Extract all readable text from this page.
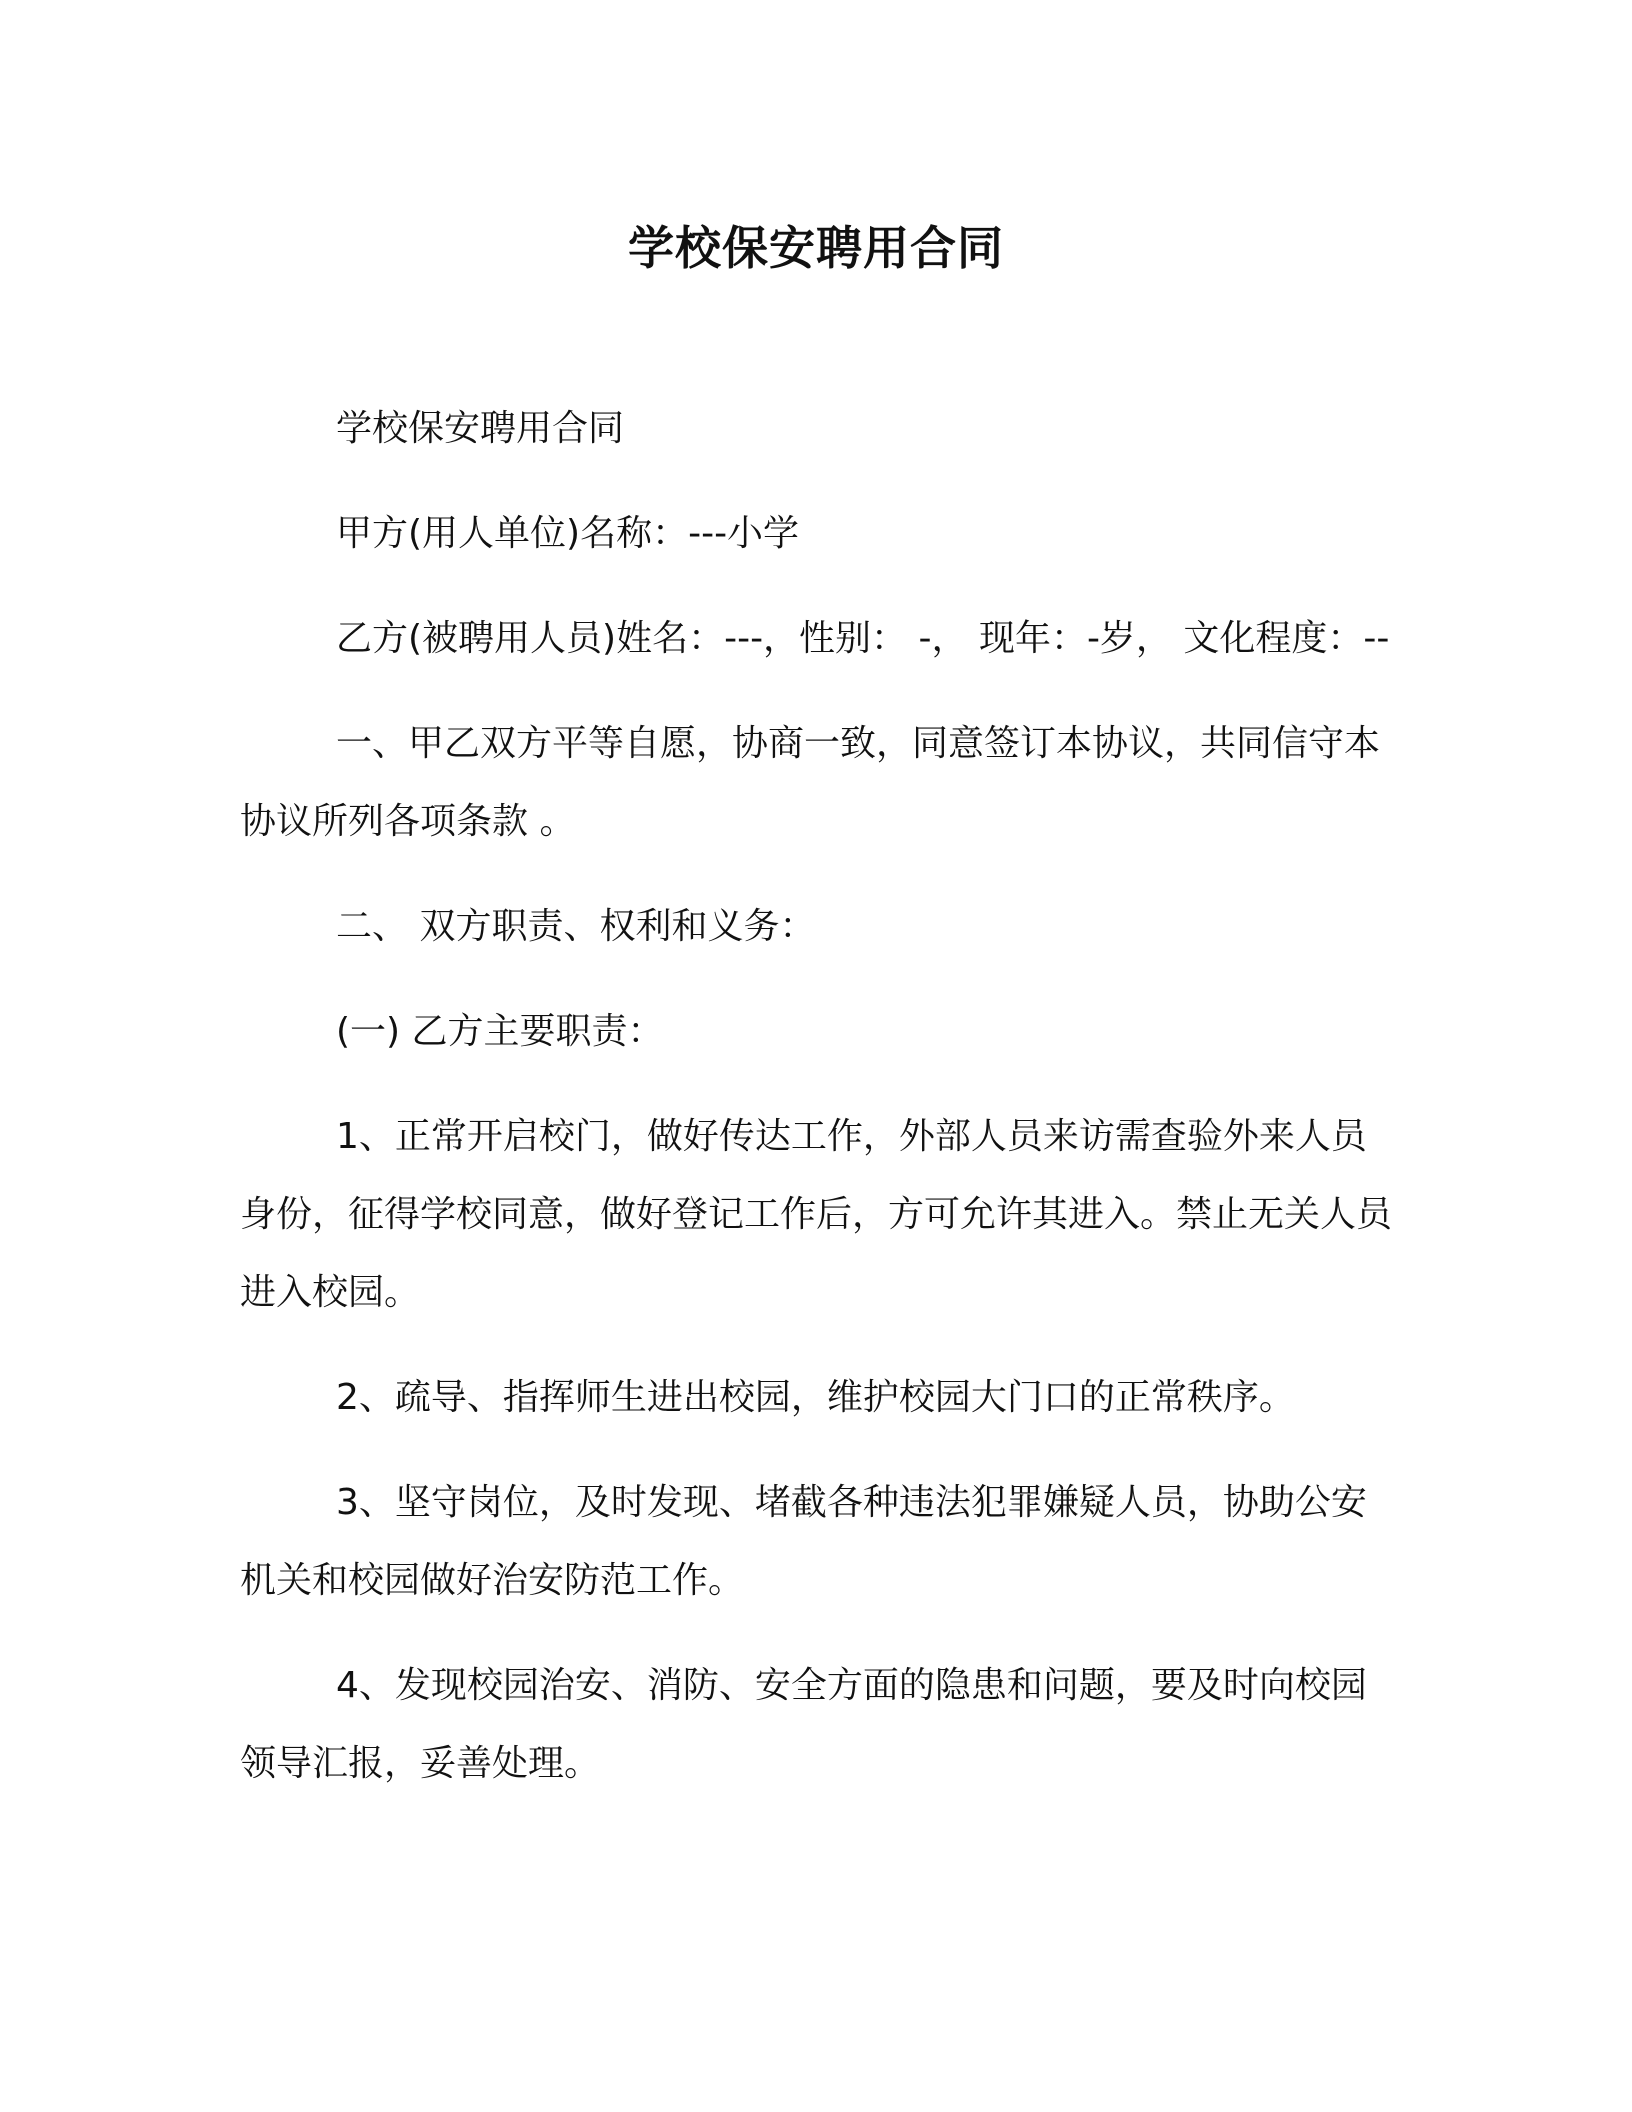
学校保安聘用合同

学校保安聘用合同

甲方(用人单位)名称：---小学

乙方(被聘用人员)姓名：---，性别： -， 现年：-岁， 文化程度：--

一、甲乙双方平等自愿，协商一致，同意签订本协议，共同信守本协议所列各项条款 。

二、 双方职责、权利和义务：

(一) 乙方主要职责：

1、正常开启校门，做好传达工作，外部人员来访需查验外来人员身份，征得学校同意，做好登记工作后，方可允许其进入。禁止无关人员进入校园。

2、疏导、指挥师生进出校园，维护校园大门口的正常秩序。

3、坚守岗位，及时发现、堵截各种违法犯罪嫌疑人员，协助公安机关和校园做好治安防范工作。

4、发现校园治安、消防、安全方面的隐患和问题，要及时向校园领导汇报，妥善处理。
